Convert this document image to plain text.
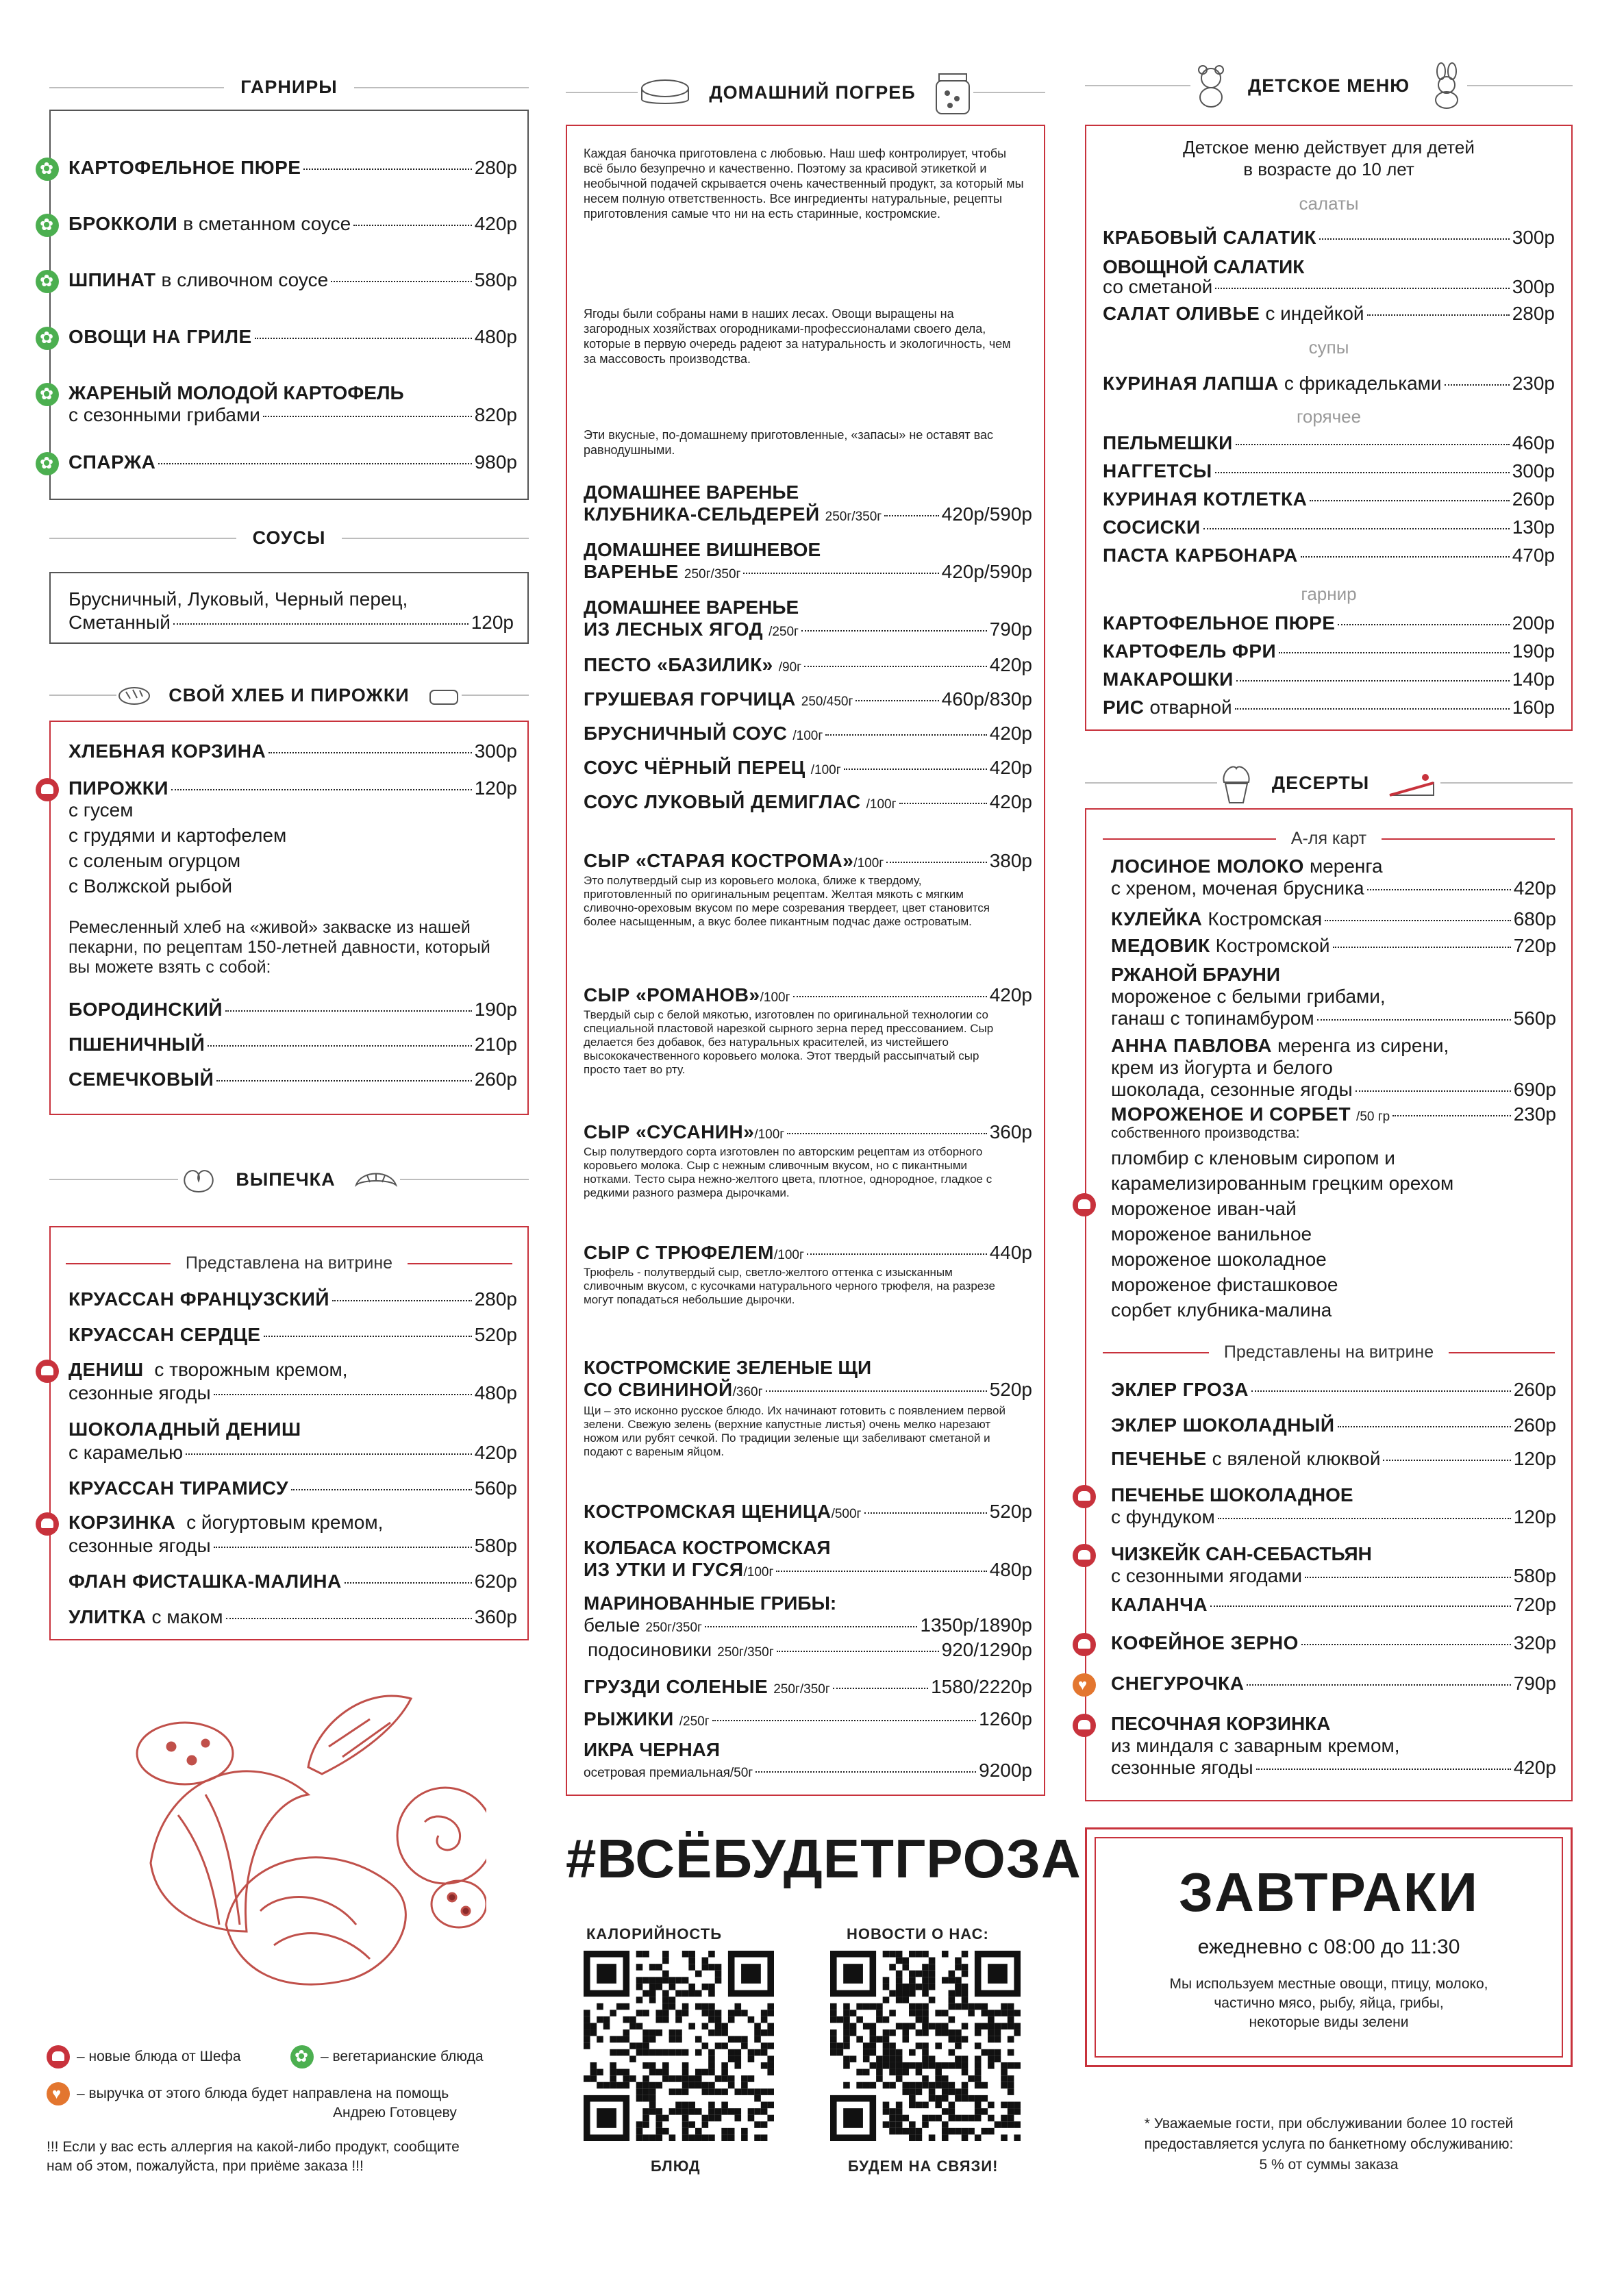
ГАРНИРЫ
СОУСЫ
Брусничный, Луковый, Черный перец,
Сметанный	120р
СВОЙ ХЛЕБ И ПИРОЖКИ
ХЛЕБНАЯ КОРЗИНА	300р
ПИРОЖКИ	120р
Ремесленный хлеб на «живой» закваске из нашей пекарни, по рецептам 150-летней давности, который вы можете взять с собой:
ВЫПЕЧКА
Представлена на витрине
– новые блюда от Шефа
✿	– вегетарианские блюда
♥
– выручка от этого блюда будет направлена на помощь
Андрею Готовцеву
!!! Если у вас есть аллергия на какой-либо продукт, сообщите
нам об этом, пожалуйста, при приёме заказа !!!
ДОМАШНИЙ ПОГРЕБ
Каждая баночка приготовлена с любовью. Наш шеф контролирует, чтобы всё было безупречно и качественно. Поэтому за красивой этикеткой и необычной подачей скрывается очень качественный продукт, за который мы несем полную ответственность. Все ингредиенты натуральные, рецепты приготовления самые что ни на есть старинные, костромские.
Ягоды были собраны нами в наших лесах. Овощи выращены на загородных хозяйствах огородниками-профессионалами своего дела, которые в первую очередь радеют за натуральность и экологичность, чем за массовость производства.
Эти вкусные, по-домашнему приготовленные, «запасы» не оставят вас равнодушными.
#ВСЁБУДЕТГРОЗА
КАЛОРИЙНОСТЬ
БЛЮД
НОВОСТИ О НАС:
БУДЕМ НА СВЯЗИ!
ДЕТСКОЕ МЕНЮ
Детское меню действует для детей
в возрасте до 10 лет
ДЕСЕРТЫ
А-ля карт
ЗАВТРАКИ
ежедневно с 08:00 до 11:30
Мы используем местные овощи, птицу, молоко,
частично мясо, рыбу, яйца, грибы,
некоторые виды зелени
* Уважаемые гости, при обслуживании более 10 гостей
предоставляется услуга по банкетному обслуживанию:
5 % от суммы заказа
✿
КАРТОФЕЛЬНОЕ ПЮРЕ	280р
✿
БРОККОЛИ в сметанном соусе	420р
✿
ШПИНАТ в сливочном соусе	580р
✿
ОВОЩИ НА ГРИЛЕ	480р
✿
ЖАРЕНЫЙ МОЛОДОЙ КАРТОФЕЛЬ
с сезонными грибами	820р
✿
СПАРЖА	980р
с гусем
с грудями и картофелем
с соленым огурцом
с Волжской рыбой
БОРОДИНСКИЙ	190р
ПШЕНИЧНЫЙ	210р
СЕМЕЧКОВЫЙ	260р
КРУАССАН ФРАНЦУЗСКИЙ	280р
КРУАССАН СЕРДЦЕ	520р
ДЕНИШ с творожным кремом,
сезонные ягоды	480р
ШОКОЛАДНЫЙ ДЕНИШ
с карамелью	420р
КРУАССАН ТИРАМИСУ	560р
КОРЗИНКА с йогуртовым кремом,
сезонные ягоды	580р
ФЛАН ФИСТАШКА-МАЛИНА	620р
УЛИТКА с маком	360р
ДОМАШНЕЕ ВАРЕНЬЕ
КЛУБНИКА-СЕЛЬДЕРЕЙ 250г/350г	420р/590р
ДОМАШНЕЕ ВИШНЕВОЕ
ВАРЕНЬЕ 250г/350г	420р/590р
ДОМАШНЕЕ ВАРЕНЬЕ
ИЗ ЛЕСНЫХ ЯГОД /250г	790р
ПЕСТО «БАЗИЛИК» /90г	420р
ГРУШЕВАЯ ГОРЧИЦА 250/450г	460р/830р
БРУСНИЧНЫЙ СОУС /100г	420р
СОУС ЧЁРНЫЙ ПЕРЕЦ /100г	420р
СОУС ЛУКОВЫЙ ДЕМИГЛАС /100г	420р
СЫР «СТАРАЯ КОСТРОМА» /100г	380р
Это полутвердый сыр из коровьего молока, ближе к твердому, приготовленный по оригинальным рецептам. Желтая мякоть с мягким сливочно-ореховым вкусом по мере созревания твердеет, цвет становится более насыщенным, а вкус более пикантным подчас даже островатым.
СЫР «РОМАНОВ» /100г	420р
Твердый сыр с белой мякотью, изготовлен по оригинальной технологии со специальной пластовой нарезкой сырного зерна перед прессованием. Сыр делается без добавок, без натуральных красителей, из чистейшего высококачественного коровьего молока. Этот твердый рассыпчатый сыр просто тает во рту.
СЫР «СУСАНИН» /100г	360р
Сыр полутвердого сорта изготовлен по авторским рецептам из отборного коровьего молока. Сыр с нежным сливочным вкусом, но с пикантными нотками. Тесто сыра нежно-желтого цвета, плотное, однородное, гладкое с редкими разного размера дырочками.
СЫР С ТРЮФЕЛЕМ /100г	440р
Трюфель - полутвердый сыр, светло-желтого оттенка с изысканным сливочным вкусом, с кусочками натурального черного трюфеля, на разрезе могут попадаться небольшие дырочки.
КОСТРОМСКИЕ ЗЕЛЕНЫЕ ЩИ
СО СВИНИНОЙ /360г	520р
Щи – это исконно русское блюдо. Их начинают готовить с появлением первой зелени. Свежую зелень (верхние капустные листья) очень мелко нарезают ножом или рубят сечкой. По традиции зеленые щи забеливают сметаной и подают с вареным яйцом.
КОСТРОМСКАЯ ЩЕНИЦА /500г	520р
КОЛБАСА КОСТРОМСКАЯ
ИЗ УТКИ И ГУСЯ /100г	480р
МАРИНОВАННЫЕ ГРИБЫ:
белые 250г/350г	1350р/1890р
подосиновики 250г/350г	920/1290р
ГРУЗДИ СОЛЕНЫЕ 250г/350г	1580/2220р
РЫЖИКИ /250г	1260р
ИКРА ЧЕРНАЯ
осетровая премиальная/50г	9200р
салаты
КРАБОВЫЙ САЛАТИК	300р
ОВОЩНОЙ САЛАТИК
со сметаной	300р
САЛАТ ОЛИВЬЕ с индейкой	280р
супы
КУРИНАЯ ЛАПША с фрикадельками	230р
горячее
ПЕЛЬМЕШКИ	460р
НАГГЕТСЫ	300р
КУРИНАЯ КОТЛЕТКА	260р
СОСИСКИ	130р
ПАСТА КАРБОНАРА	470р
гарнир
КАРТОФЕЛЬНОЕ ПЮРЕ	200р
КАРТОФЕЛЬ ФРИ	190р
МАКАРОШКИ	140р
РИС отварной	160р
ЛОСИНОЕ МОЛОКО меренга
с хреном, моченая брусника	420р
КУЛЕЙКА Костромская	680р
МЕДОВИК Костромской	720р
РЖАНОЙ БРАУНИ
мороженое с белыми грибами,
ганаш с топинамбуром	560р
АННА ПАВЛОВА меренга из сирени,
крем из йогурта и белого
шоколада, сезонные ягоды	690р
МОРОЖЕНОЕ И СОРБЕТ /50 гр	230р
собственного производства:
пломбир с кленовым сиропом и
карамелизированным грецким орехом
мороженое иван-чай
мороженое ванильное
мороженое шоколадное
мороженое фисташковое
сорбет клубника-малина
Представлены на витрине
ЭКЛЕР ГРОЗА	260р
ЭКЛЕР ШОКОЛАДНЫЙ	260р
ПЕЧЕНЬЕ с вяленой клюквой	120р
ПЕЧЕНЬЕ ШОКОЛАДНОЕ
с фундуком	120р
ЧИЗКЕЙК САН-СЕБАСТЬЯН
с сезонными ягодами	580р
КАЛАНЧА	720р
КОФЕЙНОЕ ЗЕРНО	320р
♥
СНЕГУРОЧКА	790р
ПЕСОЧНАЯ КОРЗИНКА
из миндаля с заварным кремом,
сезонные ягоды	420р
